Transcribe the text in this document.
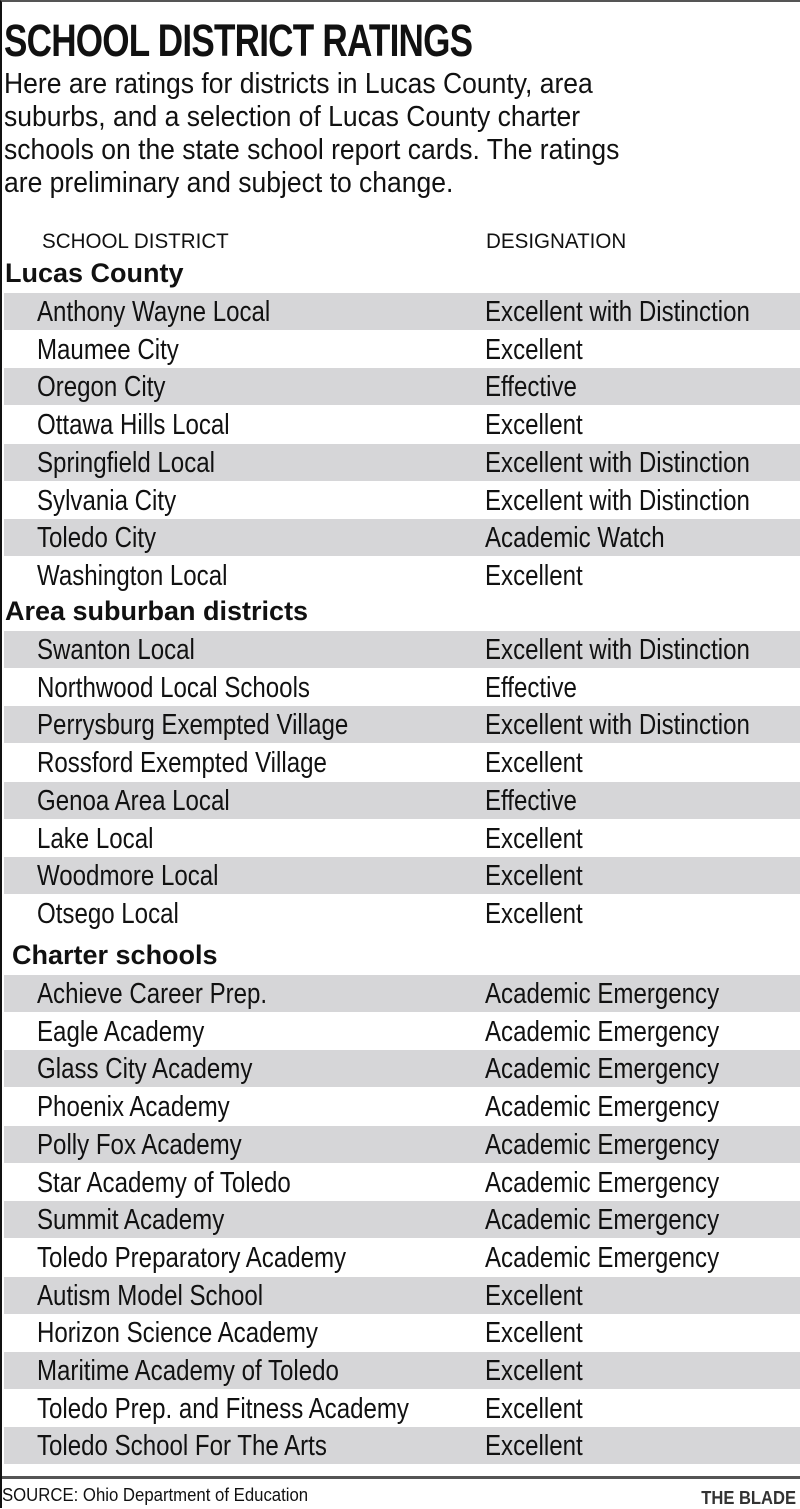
SCHOOL DISTRICT RATINGS
Here are ratings for districts in Lucas County, area
suburbs, and a selection of Lucas County charter
schools on the state school report cards. The ratings
are preliminary and subject to change.
SCHOOL DISTRICT	DESIGNATION
Lucas County
Anthony Wayne Local	Excellent with Distinction
Maumee City	Excellent
Oregon City	Effective
Ottawa Hills Local	Excellent
Springfield Local	Excellent with Distinction
Sylvania City	Excellent with Distinction
Toledo City	Academic Watch
Washington Local	Excellent
Area suburban districts
Swanton Local	Excellent with Distinction
Northwood Local Schools	Effective
Perrysburg Exempted Village	Excellent with Distinction
Rossford Exempted Village	Excellent
Genoa Area Local	Effective
Lake Local	Excellent
Woodmore Local	Excellent
Otsego Local	Excellent
Charter schools
Achieve Career Prep.	Academic Emergency
Eagle Academy	Academic Emergency
Glass City Academy	Academic Emergency
Phoenix Academy	Academic Emergency
Polly Fox Academy	Academic Emergency
Star Academy of Toledo	Academic Emergency
Summit Academy	Academic Emergency
Toledo Preparatory Academy	Academic Emergency
Autism Model School	Excellent
Horizon Science Academy	Excellent
Maritime Academy of Toledo	Excellent
Toledo Prep. and Fitness Academy	Excellent
Toledo School For The Arts	Excellent
SOURCE: Ohio Department of Education	THE BLADE
